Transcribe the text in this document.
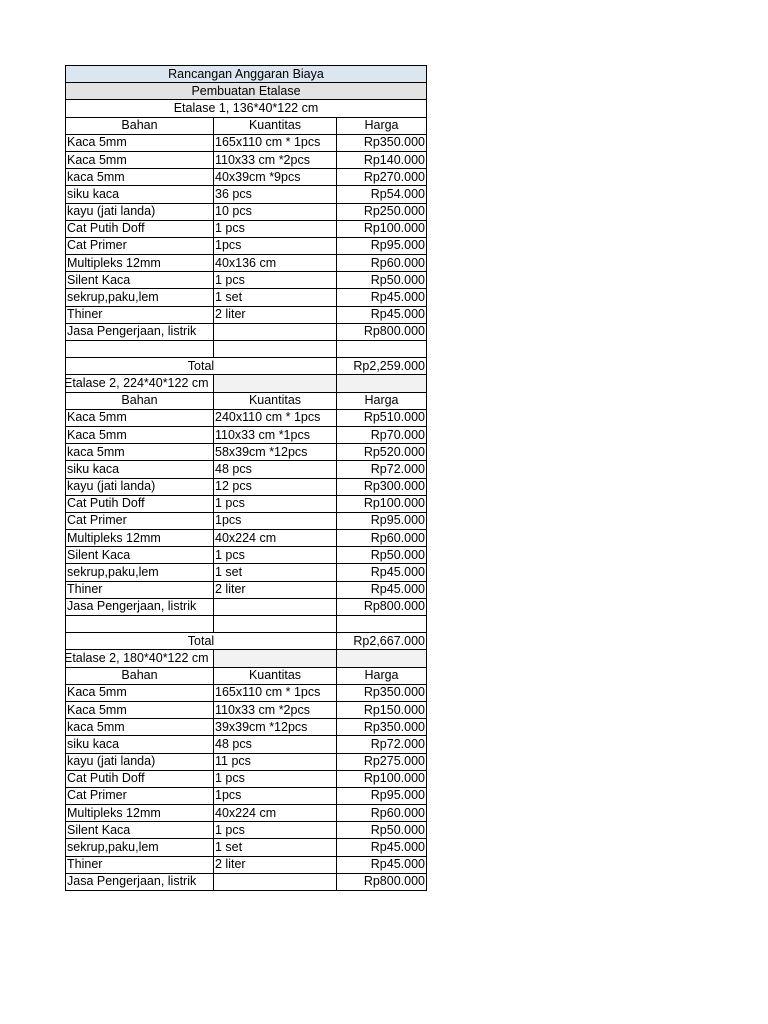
Rancangan Anggaran Biaya		
Pembuatan Etalase		
Etalase 1, 136*40*122 cm		
Bahan	Kuantitas	Harga
Kaca 5mm	165x110 cm * 1pcs	Rp350.000
Kaca 5mm	110x33 cm *2pcs	Rp140.000
kaca 5mm	40x39cm *9pcs	Rp270.000
siku kaca	36 pcs	Rp54.000
kayu (jati landa)	10 pcs	Rp250.000
Cat Putih Doff	1 pcs	Rp100.000
Cat Primer	1pcs	Rp95.000
Multipleks 12mm	40x136 cm	Rp60.000
Silent Kaca	1 pcs	Rp50.000
sekrup,paku,lem	1 set	Rp45.000
Thiner	2 liter	Rp45.000
Jasa Pengerjaan, listrik		Rp800.000

Total		Rp2,259.000
Etalase 2, 224*40*122 cm		
Bahan	Kuantitas	Harga
Kaca 5mm	240x110 cm * 1pcs	Rp510.000
Kaca 5mm	110x33 cm *1pcs	Rp70.000
kaca 5mm	58x39cm *12pcs	Rp520.000
siku kaca	48 pcs	Rp72.000
kayu (jati landa)	12 pcs	Rp300.000
Cat Putih Doff	1 pcs	Rp100.000
Cat Primer	1pcs	Rp95.000
Multipleks 12mm	40x224 cm	Rp60.000
Silent Kaca	1 pcs	Rp50.000
sekrup,paku,lem	1 set	Rp45.000
Thiner	2 liter	Rp45.000
Jasa Pengerjaan, listrik		Rp800.000

Total		Rp2,667.000
Etalase 2, 180*40*122 cm		
Bahan	Kuantitas	Harga
Kaca 5mm	165x110 cm * 1pcs	Rp350.000
Kaca 5mm	110x33 cm *2pcs	Rp150.000
kaca 5mm	39x39cm *12pcs	Rp350.000
siku kaca	48 pcs	Rp72.000
kayu (jati landa)	11 pcs	Rp275.000
Cat Putih Doff	1 pcs	Rp100.000
Cat Primer	1pcs	Rp95.000
Multipleks 12mm	40x224 cm	Rp60.000
Silent Kaca	1 pcs	Rp50.000
sekrup,paku,lem	1 set	Rp45.000
Thiner	2 liter	Rp45.000
Jasa Pengerjaan, listrik		Rp800.000
